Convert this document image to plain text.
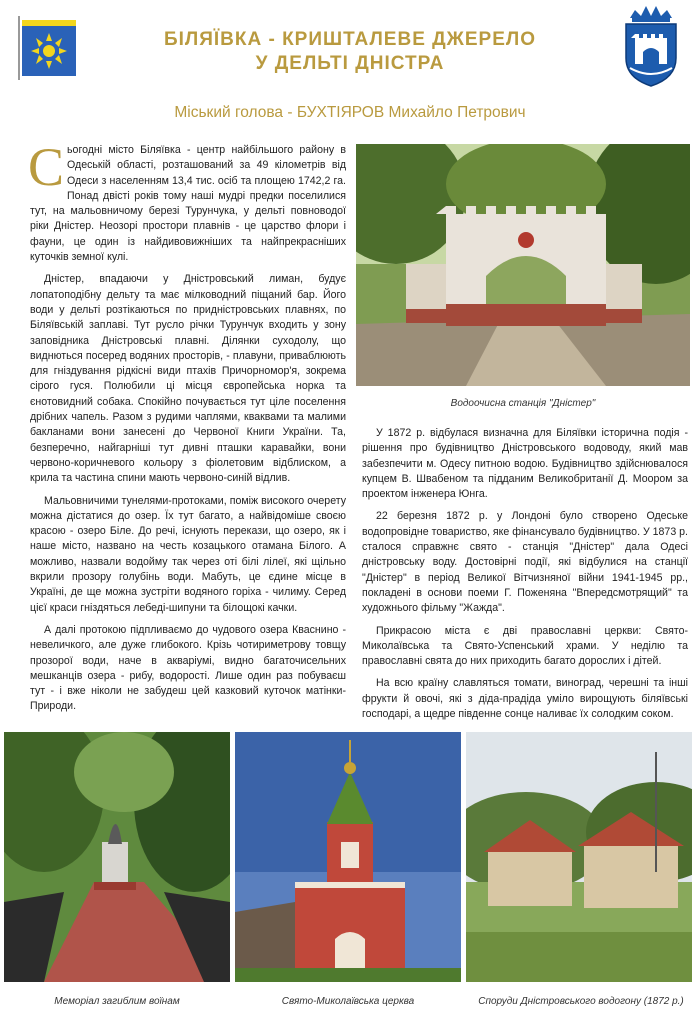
БІЛЯЇВКА - КРИШТАЛЕВЕ ДЖЕРЕЛО
У ДЕЛЬТІ ДНІСТРА
Міський голова - БУХТІЯРОВ Михайло Петрович

Сьогодні місто Біляївка - центр найбільшого району в Одеській області, розташований за 49 кілометрів від Одеси з населенням 13,4 тис. осіб та площею 1742,2 га. Понад двісті років тому наші мудрі предки поселилися тут, на мальовничому березі Турунчука, у дельті повноводої ріки Дністер. Неозорі простори плавнів - це царство флори і фауни, це один із найдивовижніших та найпрекрасніших куточків земної кулі.

Дністер, впадаючи у Дністровський лиман, будує лопатоподібну дельту та має мілководний піщаний бар. Його води у дельті розтікаються по придністровських плавнях, по Біляївській заплаві. Тут русло річки Турунчук входить у зону заповідника Дністровські плавні. Ділянки суходолу, що виднються посеред водяних просторів, - плавуни, приваблюють для гніздування рідкісні види птахів Причорномор'я, зокрема сірого гуся. Полюбили ці місця європейська норка та єнотовидний собака. Спокійно почувається тут ціле поселення дрібних чапель. Разом з рудими чаплями, кваквами та малими бакланами вони занесені до Червоної Книги України. Та, безперечно, найгарніші тут дивні пташки каравайки, вони червоно-коричневого кольору з фіолетовим відблиском, а крила та частина спини мають червоно-синій відлив.

Мальовничими тунелями-протоками, поміж високого очерету можна дістатися до озер. Їх тут багато, а найвідоміше своєю красою - озеро Біле. До речі, існують перекази, що озеро, як і наше місто, названо на честь козацького отамана Білого. А можливо, назвали водойму так через оті білі лілеї, які щільно вкрили прозору голубінь води. Мабуть, це єдине місце в Україні, де ще можна зустріти водяного горіха - чилиму. Серед цієї краси гніздяться лебеді-шипуни та білощокі качки.

А далі протокою підпливаємо до чудового озера Кваснино - невеличкого, але дуже глибокого. Крізь чотириметрову товщу прозорої води, наче в акваріумі, видно багаточисельних мешканців озера - рибу, водорості. Лише один раз побуваєш тут - і вже ніколи не забудеш цей казковий куточок матінки-Природи.

Водоочисна станція "Дністер"

У 1872 р. відбулася визначна для Біляївки історична подія - рішення про будівництво Дністровського водоводу, який мав забезпечити м. Одесу питною водою. Будівництво здійснювалося купцем В. Швабеном та підданим Великобританії Д. Моором за проектом інженера Юнга.

22 березня 1872 р. у Лондоні було створено Одеське водопровідне товариство, яке фінансувало будівництво. У 1873 р. сталося справжнє свято - станція "Дністер" дала Одесі дністровську воду. Достовірні події, які відбулися на станції "Дністер" в період Великої Вітчизняної війни 1941-1945 рр., покладені в основи поеми Г. Поженяна "Впередсмотрящий" та художнього фільму "Жажда".

Прикрасою міста є дві православні церкви: Свято-Миколаївська та Свято-Успенський храми. У неділю та православні свята до них приходить багато дорослих і дітей.

На всю країну славляться томати, виноград, черешні та інші фрукти й овочі, які з діда-прадіда уміло вирощують біляївські господарі, а щедре південне сонце наливає їх солодким соком.

Меморіал загиблим воїнам	Свято-Миколаївська церква	Споруди Дністровського водогону (1872 р.)
